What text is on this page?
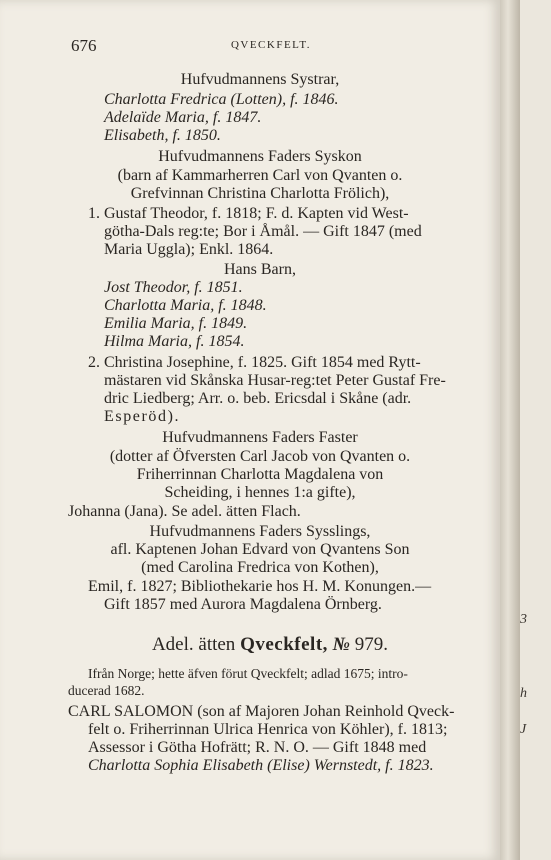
676	QVECKFELT.
Hufvudmannens Systrar,
Charlotta Fredrica (Lotten), f. 1846.
Adelaïde Maria, f. 1847.
Elisabeth, f. 1850.
Hufvudmannens Faders Syskon
(barn af Kammarherren Carl von Qvanten o.
Grefvinnan Christina Charlotta Frölich),
1. Gustaf Theodor, f. 1818; F. d. Kapten vid West-
götha-Dals reg:te; Bor i Åmål. — Gift 1847 (med
Maria Uggla); Enkl. 1864.
Hans Barn,
Jost Theodor, f. 1851.
Charlotta Maria, f. 1848.
Emilia Maria, f. 1849.
Hilma Maria, f. 1854.
2. Christina Josephine, f. 1825. Gift 1854 med Rytt-
mästaren vid Skånska Husar-reg:tet Peter Gustaf Fre-
dric Liedberg; Arr. o. beb. Ericsdal i Skåne (adr.
Esperöd).
Hufvudmannens Faders Faster
(dotter af Öfversten Carl Jacob von Qvanten o.
Friherrinnan Charlotta Magdalena von
Scheiding, i hennes 1:a gifte),
Johanna (Jana). Se adel. ätten Flach.
Hufvudmannens Faders Sysslings,
afl. Kaptenen Johan Edvard von Qvantens Son
(med Carolina Fredrica von Kothen),
Emil, f. 1827; Bibliothekarie hos H. M. Konungen.—
Gift 1857 med Aurora Magdalena Örnberg.
Adel. ätten Qveckfelt, № 979.
Ifrån Norge; hette äfven förut Qveckfelt; adlad 1675; intro-
ducerad 1682.
CARL SALOMON (son af Majoren Johan Reinhold Qveck-
felt o. Friherrinnan Ulrica Henrica von Köhler), f. 1813;
Assessor i Götha Hofrätt; R. N. O. — Gift 1848 med
Charlotta Sophia Elisabeth (Elise) Wernstedt, f. 1823.
3
h
J
